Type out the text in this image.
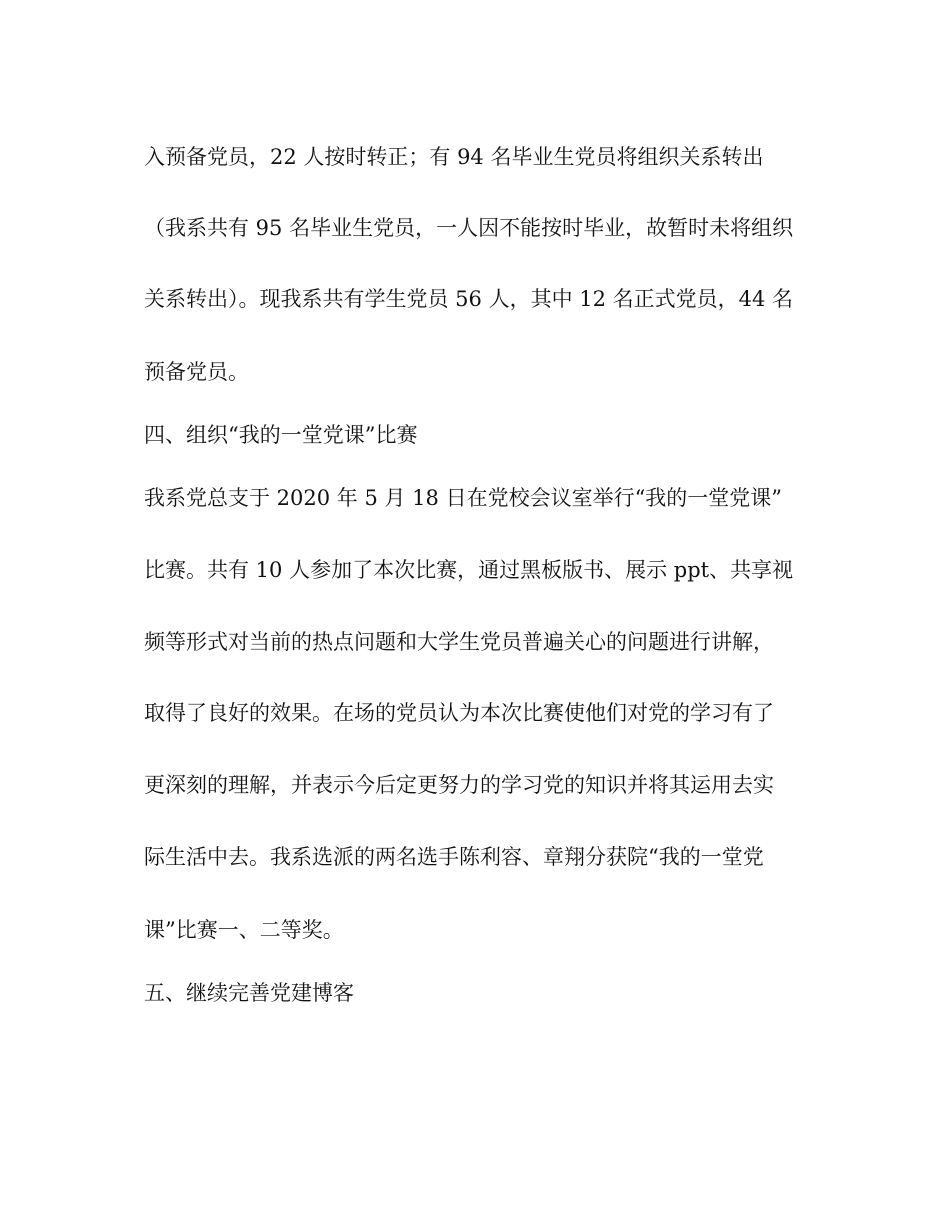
入预备党员，22 人按时转正；有 94 名毕业生党员将组织关系转出
（我系共有 95 名毕业生党员，一人因不能按时毕业，故暂时未将组织
关系转出）。现我系共有学生党员 56 人，其中 12 名正式党员，44 名
预备党员。
四、组织“我的一堂党课”比赛
我系党总支于 2020 年 5 月 18 日在党校会议室举行“我的一堂党课”
比赛。共有 10 人参加了本次比赛，通过黑板版书、展示 ppt、共享视
频等形式对当前的热点问题和大学生党员普遍关心的问题进行讲解，
取得了良好的效果。在场的党员认为本次比赛使他们对党的学习有了
更深刻的理解，并表示今后定更努力的学习党的知识并将其运用去实
际生活中去。我系选派的两名选手陈利容、章翔分获院“我的一堂党
课”比赛一、二等奖。
五、继续完善党建博客
